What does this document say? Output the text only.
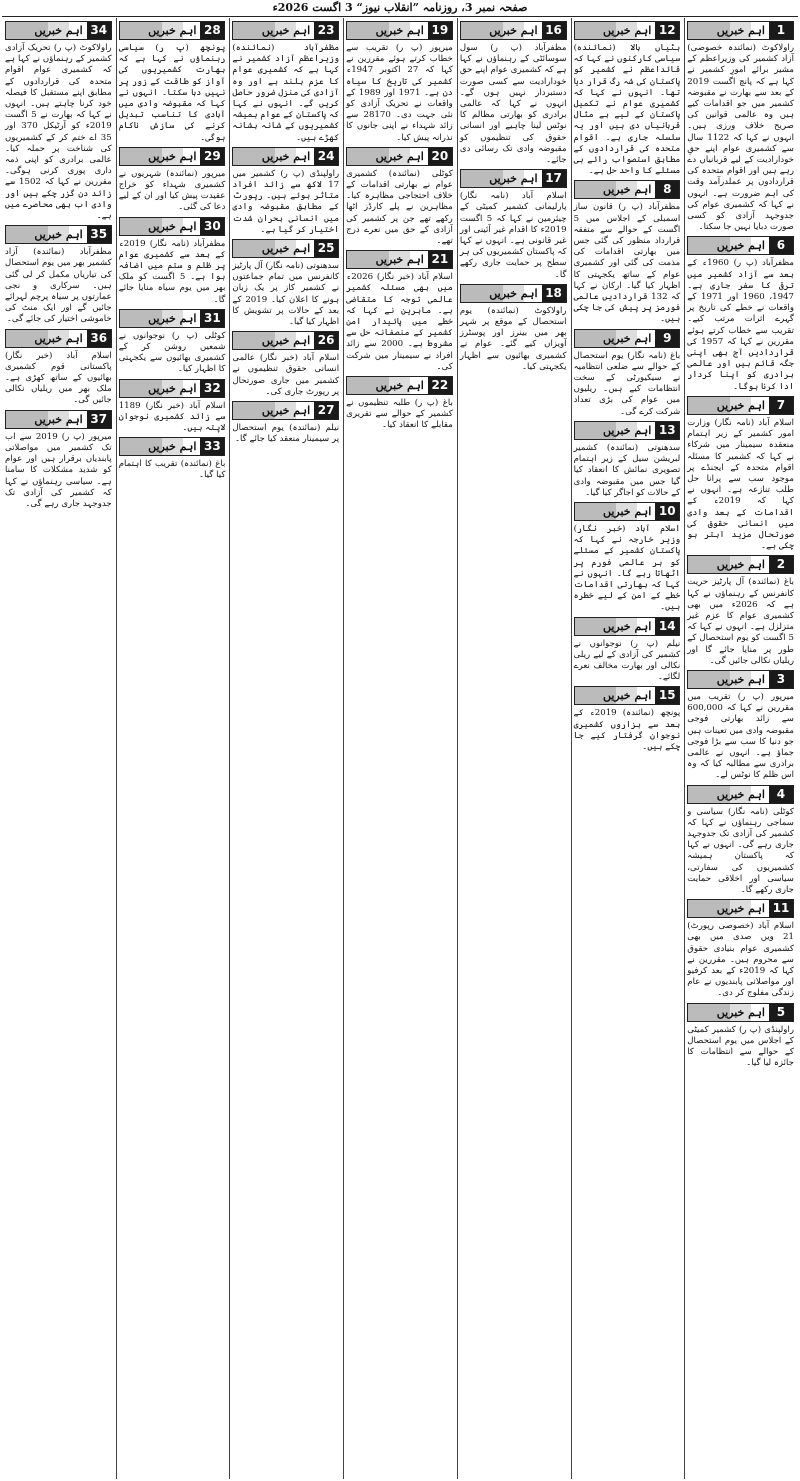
صفحہ نمبر 3، روزنامہ ”انقلاب نیوز“ 3 اگست 2026ء
اہم خبریں 1
راولاکوٹ (نمائندہ خصوصی) آزاد کشمیر کی وزیراعظم کے مشیر برائے امورِ کشمیر نے کہا ہے کہ پانچ اگست 2019 کے بعد سے بھارت نے مقبوضہ کشمیر میں جو اقدامات کیے ہیں وہ عالمی قوانین کی صریح خلاف ورزی ہیں۔ انہوں نے کہا کہ 1122 سال سے کشمیری عوام اپنے حقِ خودارادیت کے لیے قربانیاں دے رہے ہیں اور اقوام متحدہ کی قراردادوں پر عملدرآمد وقت کی اہم ضرورت ہے۔ انہوں نے کہا کہ کشمیری عوام کی جدوجہد آزادی کو کسی صورت دبایا نہیں جا سکتا۔
اہم خبریں 6
مظفرآباد (پ ر) 1960ء کے بعد سے آزاد کشمیر میں ترقی کا سفر جاری ہے۔ 1947، 1960 اور 1971 کے واقعات نے خطے کی تاریخ پر گہرے اثرات مرتب کیے۔ تقریب سے خطاب کرتے ہوئے مقررین نے کہا کہ 1957 کی قراردادیں آج بھی اپنی جگہ قائم ہیں اور عالمی برادری کو اپنا کردار ادا کرنا ہوگا۔
اہم خبریں 7
اسلام آباد (نامہ نگار) وزارت امور کشمیر کے زیر اہتمام منعقدہ سیمینار میں شرکاء نے کہا کہ کشمیر کا مسئلہ اقوام متحدہ کے ایجنڈے پر موجود سب سے پرانا حل طلب تنازعہ ہے۔ انہوں نے کہا کہ 2019ء کے اقدامات کے بعد وادی میں انسانی حقوق کی صورتحال مزید ابتر ہو چکی ہے۔
اہم خبریں 2
باغ (نمائندہ) آل پارٹیز حریت کانفرنس کے رہنماؤں نے کہا ہے کہ 2026ء میں بھی کشمیری عوام کا عزم غیر متزلزل ہے۔ انہوں نے کہا کہ 5 اگست کو یوم استحصال کے طور پر منایا جائے گا اور ریلیاں نکالی جائیں گی۔
اہم خبریں 3
میرپور (پ ر) تقریب میں مقررین نے کہا کہ 600,000 سے زائد بھارتی فوجی مقبوضہ وادی میں تعینات ہیں جو دنیا کا سب سے بڑا فوجی جماؤ ہے۔ انہوں نے عالمی برادری سے مطالبہ کیا کہ وہ اس ظلم کا نوٹس لے۔
اہم خبریں 4
کوٹلی (نامہ نگار) سیاسی و سماجی رہنماؤں نے کہا کہ کشمیر کی آزادی تک جدوجہد جاری رہے گی۔ انہوں نے کہا کہ پاکستان ہمیشہ کشمیریوں کی سفارتی، سیاسی اور اخلاقی حمایت جاری رکھے گا۔
اہم خبریں 11
اسلام آباد (خصوصی رپورٹ) 21 ویں صدی میں بھی کشمیری عوام بنیادی حقوق سے محروم ہیں۔ مقررین نے کہا کہ 2019ء کے بعد کرفیو اور مواصلاتی پابندیوں نے عام زندگی مفلوج کر دی۔
اہم خبریں 5
راولپنڈی (پ ر) کشمیر کمیٹی کے اجلاس میں یوم استحصال کے حوالے سے انتظامات کا جائزہ لیا گیا۔
اہم خبریں 12
ہٹیاں بالا (نمائندہ) سیاسی کارکنوں نے کہا کہ قائداعظم نے کشمیر کو پاکستان کی شہ رگ قرار دیا تھا۔ انہوں نے کہا کہ کشمیری عوام نے تکمیل پاکستان کے لیے بے مثال قربانیاں دی ہیں اور یہ سلسلہ جاری ہے۔ اقوام متحدہ کی قراردادوں کے مطابق استصواب رائے ہی مسئلے کا واحد حل ہے۔
اہم خبریں 8
مظفرآباد (پ ر) قانون ساز اسمبلی کے اجلاس میں 5 اگست کے حوالے سے متفقہ قرارداد منظور کی گئی جس میں بھارتی اقدامات کی مذمت کی گئی اور کشمیری عوام کے ساتھ یکجہتی کا اظہار کیا گیا۔ ارکان نے کہا کہ 132 قراردادیں عالمی فورمز پر پیش کی جا چکی ہیں۔
اہم خبریں 9
باغ (نامہ نگار) یوم استحصال کے حوالے سے ضلعی انتظامیہ نے سیکیورٹی کے سخت انتظامات کیے ہیں۔ ریلیوں میں عوام کی بڑی تعداد شرکت کرے گی۔
اہم خبریں 13
سدھنوتی (نمائندہ) کشمیر لبریشن سیل کے زیر اہتمام تصویری نمائش کا انعقاد کیا گیا جس میں مقبوضہ وادی کے حالات کو اجاگر کیا گیا۔
اہم خبریں 10
اسلام آباد (خبر نگار) وزیر خارجہ نے کہا کہ پاکستان کشمیر کے مسئلے کو ہر عالمی فورم پر اٹھاتا رہے گا۔ انہوں نے کہا کہ بھارتی اقدامات خطے کے امن کے لیے خطرہ ہیں۔
اہم خبریں 14
نیلم (پ ر) نوجوانوں نے کشمیر کی آزادی کے لیے ریلی نکالی اور بھارت مخالف نعرے لگائے۔
اہم خبریں 15
پونچھ (نمائندہ) 2019ء کے بعد سے ہزاروں کشمیری نوجوان گرفتار کیے جا چکے ہیں۔
اہم خبریں 16
مظفرآباد (پ ر) سول سوسائٹی کے رہنماؤں نے کہا ہے کہ کشمیری عوام اپنے حق خودارادیت سے کسی صورت دستبردار نہیں ہوں گے۔ انہوں نے کہا کہ عالمی برادری کو بھارتی مظالم کا نوٹس لینا چاہیے اور انسانی حقوق کی تنظیموں کو مقبوضہ وادی تک رسائی دی جائے۔
اہم خبریں 17
اسلام آباد (نامہ نگار) پارلیمانی کشمیر کمیٹی کے چیئرمین نے کہا کہ 5 اگست 2019ء کا اقدام غیر آئینی اور غیر قانونی ہے۔ انہوں نے کہا کہ پاکستان کشمیریوں کی ہر سطح پر حمایت جاری رکھے گا۔
اہم خبریں 18
راولاکوٹ (نمائندہ) یوم استحصال کے موقع پر شہر بھر میں بینرز اور پوسٹرز آویزاں کیے گئے۔ عوام نے کشمیری بھائیوں سے اظہار یکجہتی کیا۔
اہم خبریں 19
میرپور (پ ر) تقریب سے خطاب کرتے ہوئے مقررین نے کہا کہ 27 اکتوبر 1947ء کشمیر کی تاریخ کا سیاہ دن ہے۔ 1971 اور 1989 کے واقعات نے تحریک آزادی کو نئی جہت دی۔ 28170 سے زائد شہداء نے اپنی جانوں کا نذرانہ پیش کیا۔
اہم خبریں 20
کوٹلی (نمائندہ) کشمیری عوام نے بھارتی اقدامات کے خلاف احتجاجی مظاہرہ کیا۔ مظاہرین نے پلے کارڈز اٹھا رکھے تھے جن پر کشمیر کی آزادی کے حق میں نعرے درج تھے۔
اہم خبریں 21
اسلام آباد (خبر نگار) 2026ء میں بھی مسئلہ کشمیر عالمی توجہ کا متقاضی ہے۔ ماہرین نے کہا کہ خطے میں پائیدار امن کشمیر کے منصفانہ حل سے مشروط ہے۔ 2000 سے زائد افراد نے سیمینار میں شرکت کی۔
اہم خبریں 22
باغ (پ ر) طلبہ تنظیموں نے کشمیر کے حوالے سے تقریری مقابلے کا انعقاد کیا۔
اہم خبریں 23
مظفرآباد (نمائندہ) وزیراعظم آزاد کشمیر نے کہا ہے کہ کشمیری عوام کا عزم بلند ہے اور وہ آزادی کی منزل ضرور حاصل کریں گے۔ انہوں نے کہا کہ پاکستان کے عوام ہمیشہ کشمیریوں کے شانہ بشانہ کھڑے ہیں۔
اہم خبریں 24
راولپنڈی (پ ر) کشمیر میں 17 لاکھ سے زائد افراد متاثر ہوئے ہیں۔ رپورٹ کے مطابق مقبوضہ وادی میں انسانی بحران شدت اختیار کر گیا ہے۔
اہم خبریں 25
سدھنوتی (نامہ نگار) آل پارٹیز کانفرنس میں تمام جماعتوں نے کشمیر کاز پر یک زبان ہونے کا اعلان کیا۔ 2019 کے بعد کے حالات پر تشویش کا اظہار کیا گیا۔
اہم خبریں 26
اسلام آباد (خبر نگار) عالمی انسانی حقوق تنظیموں نے کشمیر میں جاری صورتحال پر رپورٹ جاری کی۔
اہم خبریں 27
نیلم (نمائندہ) یوم استحصال پر سیمینار منعقد کیا جائے گا۔
اہم خبریں 28
پونچھ (پ ر) سیاسی رہنماؤں نے کہا ہے کہ بھارت کشمیریوں کی آواز کو طاقت کے زور پر نہیں دبا سکتا۔ انہوں نے کہا کہ مقبوضہ وادی میں آبادی کا تناسب تبدیل کرنے کی سازش ناکام ہوگی۔
اہم خبریں 29
میرپور (نمائندہ) شہریوں نے کشمیری شہداء کو خراج عقیدت پیش کیا اور ان کے لیے دعا کی گئی۔
اہم خبریں 30
مظفرآباد (نامہ نگار) 2019ء کے بعد سے کشمیری عوام پر ظلم و ستم میں اضافہ ہوا ہے۔ 5 اگست کو ملک بھر میں یوم سیاہ منایا جائے گا۔
اہم خبریں 31
کوٹلی (پ ر) نوجوانوں نے شمعیں روشن کر کے کشمیری بھائیوں سے یکجہتی کا اظہار کیا۔
اہم خبریں 32
اسلام آباد (خبر نگار) 1189 سے زائد کشمیری نوجوان لاپتہ ہیں۔
اہم خبریں 33
باغ (نمائندہ) تقریب کا اہتمام کیا گیا۔
اہم خبریں 34
راولاکوٹ (پ ر) تحریک آزادی کشمیر کے رہنماؤں نے کہا ہے کہ کشمیری عوام اقوام متحدہ کی قراردادوں کے مطابق اپنے مستقبل کا فیصلہ خود کرنا چاہتے ہیں۔ انہوں نے کہا کہ بھارت نے 5 اگست 2019ء کو آرٹیکل 370 اور 35 اے ختم کر کے کشمیریوں کی شناخت پر حملہ کیا۔ عالمی برادری کو اپنی ذمہ داری پوری کرنی ہوگی۔ مقررین نے کہا کہ 1502 سے زائد دن گزر چکے ہیں اور وادی اب بھی محاصرے میں ہے۔
اہم خبریں 35
مظفرآباد (نمائندہ) آزاد کشمیر بھر میں یوم استحصال کی تیاریاں مکمل کر لی گئی ہیں۔ سرکاری و نجی عمارتوں پر سیاہ پرچم لہرائے جائیں گے اور ایک منٹ کی خاموشی اختیار کی جائے گی۔
اہم خبریں 36
اسلام آباد (خبر نگار) پاکستانی قوم کشمیری بھائیوں کے ساتھ کھڑی ہے۔ ملک بھر میں ریلیاں نکالی جائیں گی۔
اہم خبریں 37
میرپور (پ ر) 2019 سے اب تک کشمیر میں مواصلاتی پابندیاں برقرار ہیں اور عوام کو شدید مشکلات کا سامنا ہے۔ سیاسی رہنماؤں نے کہا کہ کشمیر کی آزادی تک جدوجہد جاری رہے گی۔
